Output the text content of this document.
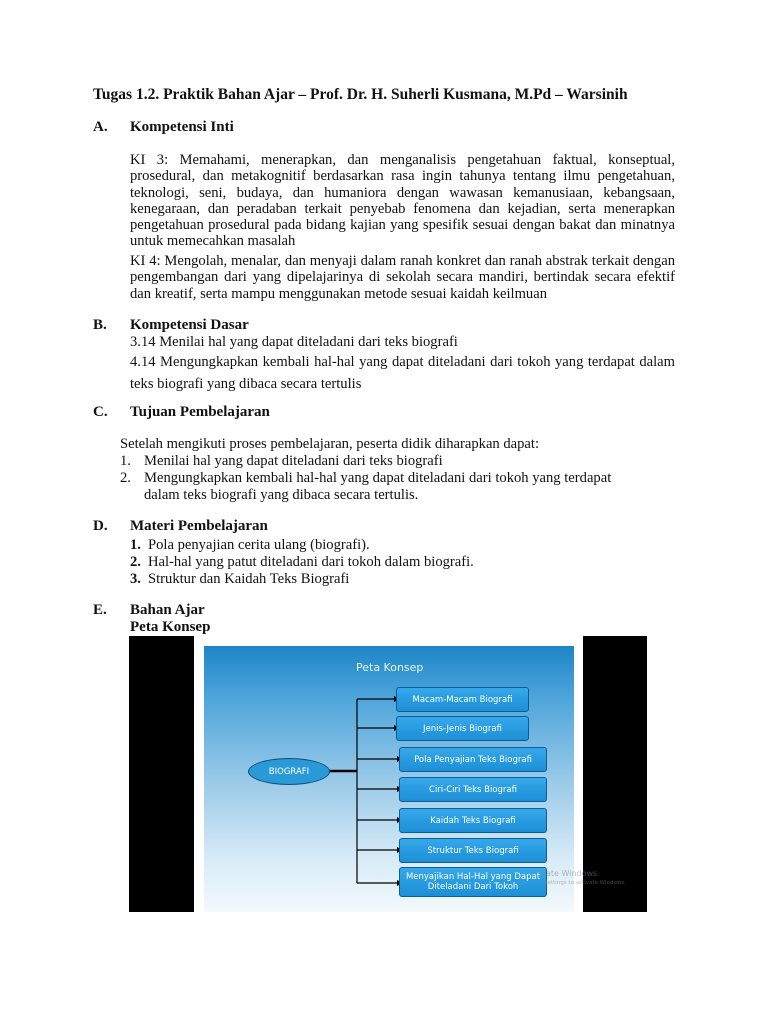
Tugas 1.2. Praktik Bahan Ajar – Prof. Dr. H. Suherli Kusmana, M.Pd – Warsinih
A. Kompetensi Inti
KI 3: Memahami, menerapkan, dan menganalisis pengetahuan faktual, konseptual, prosedural, dan metakognitif berdasarkan rasa ingin tahunya tentang ilmu pengetahuan, teknologi, seni, budaya, dan humaniora dengan wawasan kemanusiaan, kebangsaan, kenegaraan, dan peradaban terkait penyebab fenomena dan kejadian, serta menerapkan pengetahuan prosedural pada bidang kajian yang spesifik sesuai dengan bakat dan minatnya untuk memecahkan masalah
KI 4: Mengolah, menalar, dan menyaji dalam ranah konkret dan ranah abstrak terkait dengan pengembangan dari yang dipelajarinya di sekolah secara mandiri, bertindak secara efektif dan kreatif, serta mampu menggunakan metode sesuai kaidah keilmuan
B. Kompetensi Dasar
3.14 Menilai hal yang dapat diteladani dari teks biografi
4.14 Mengungkapkan kembali hal-hal yang dapat diteladani dari tokoh yang terdapat dalam teks biografi yang dibaca secara tertulis
C. Tujuan Pembelajaran
Setelah mengikuti proses pembelajaran, peserta didik diharapkan dapat:
1. Menilai hal yang dapat diteladani dari teks biografi
2. Mengungkapkan kembali hal-hal yang dapat diteladani dari tokoh yang terdapat
dalam teks biografi yang dibaca secara tertulis.
D. Materi Pembelajaran
1. Pola penyajian cerita ulang (biografi).
2. Hal-hal yang patut diteladani dari tokoh dalam biografi.
3. Struktur dan Kaidah Teks Biografi
E. Bahan Ajar
Peta Konsep
Peta Konsep
BIOGRAFI
Macam-Macam Biografi
Jenis-Jenis Biografi
Pola Penyajian Teks Biografi
Ciri-Ciri Teks Biografi
Kaidah Teks Biografi
Struktur Teks Biografi
Menyajikan Hal-Hal yang Dapat Diteladani Dari Tokoh
ivate Windows
o Settings to activate Windows.
